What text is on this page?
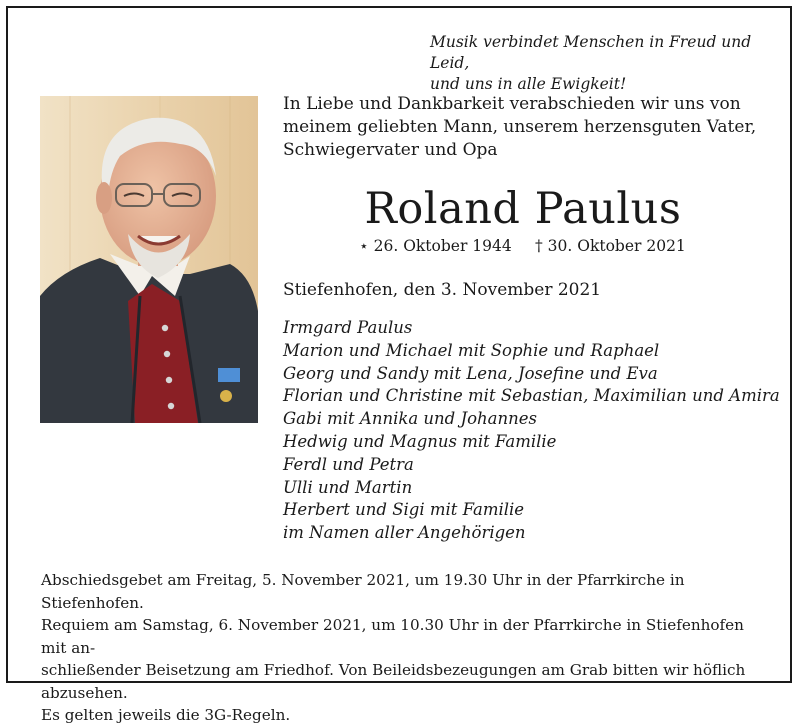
Musik verbindet Menschen in Freud und Leid,
und uns in alle Ewigkeit!
In Liebe und Dankbarkeit verabschieden wir uns von
meinem geliebten Mann, unserem herzensguten Vater,
Schwiegervater und Opa
Roland Paulus
⋆ 26. Oktober 1944 † 30. Oktober 2021
Stiefenhofen, den 3. November 2021
Irmgard Paulus
Marion und Michael mit Sophie und Raphael
Georg und Sandy mit Lena, Josefine und Eva
Florian und Christine mit Sebastian, Maximilian und Amira
Gabi mit Annika und Johannes
Hedwig und Magnus mit Familie
Ferdl und Petra
Ulli und Martin
Herbert und Sigi mit Familie
im Namen aller Angehörigen
Abschiedsgebet am Freitag, 5. November 2021, um 19.30 Uhr in der Pfarrkirche in Stiefenhofen.
Requiem am Samstag, 6. November 2021, um 10.30 Uhr in der Pfarrkirche in Stiefenhofen mit an-
schließender Beisetzung am Friedhof. Von Beileidsbezeugungen am Grab bitten wir höflich abzusehen.
Es gelten jeweils die 3G-Regeln.
